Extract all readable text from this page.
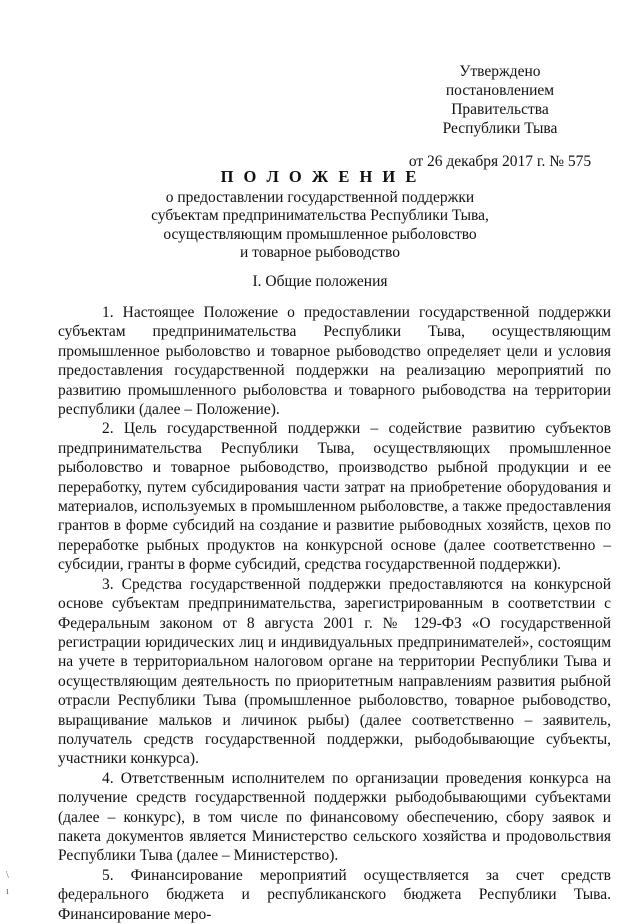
Утверждено
постановлением Правительства
Республики Тыва
от 26 декабря 2017 г. № 575
П О Л О Ж Е Н И Е
о предоставлении государственной поддержки
субъектам предпринимательства Республики Тыва,
осуществляющим промышленное рыболовство
и товарное рыбоводство
I. Общие положения

1. Настоящее Положение о предоставлении государственной поддержки субъектам предпринимательства Республики Тыва, осуществляющим промышленное рыболовство и товарное рыбоводство определяет цели и условия предоставления государственной поддержки на реализацию мероприятий по развитию промышленного рыболовства и товарного рыбоводства на территории республики (далее – Положение).

2. Цель государственной поддержки – содействие развитию субъектов предпринимательства Республики Тыва, осуществляющих промышленное рыболовство и товарное рыбоводство, производство рыбной продукции и ее переработку, путем субсидирования части затрат на приобретение оборудования и материалов, используемых в промышленном рыболовстве, а также предоставления грантов в форме субсидий на создание и развитие рыбоводных хозяйств, цехов по переработке рыбных продуктов на конкурсной основе (далее соответственно – субсидии, гранты в форме субсидий, средства государственной поддержки).

3. Средства государственной поддержки предоставляются на конкурсной основе субъектам предпринимательства, зарегистрированным в соответствии с Федеральным законом от 8 августа 2001 г. № 129-ФЗ «О государственной регистрации юридических лиц и индивидуальных предпринимателей», состоящим на учете в территориальном налоговом органе на территории Республики Тыва и осуществляющим деятельность по приоритетным направлениям развития рыбной отрасли Республики Тыва (промышленное рыболовство, товарное рыбоводство, выращивание мальков и личинок рыбы) (далее соответственно – заявитель, получатель средств государственной поддержки, рыбодобывающие субъекты, участники конкурса).

4. Ответственным исполнителем по организации проведения конкурса на получение средств государственной поддержки рыбодобывающими субъектами (далее – конкурс), в том числе по финансовому обеспечению, сбору заявок и пакета документов является Министерство сельского хозяйства и продовольствия Республики Тыва (далее – Министерство).

5. Финансирование мероприятий осуществляется за счет средств федерального бюджета и республиканского бюджета Республики Тыва. Финансирование меро-

\
ı
